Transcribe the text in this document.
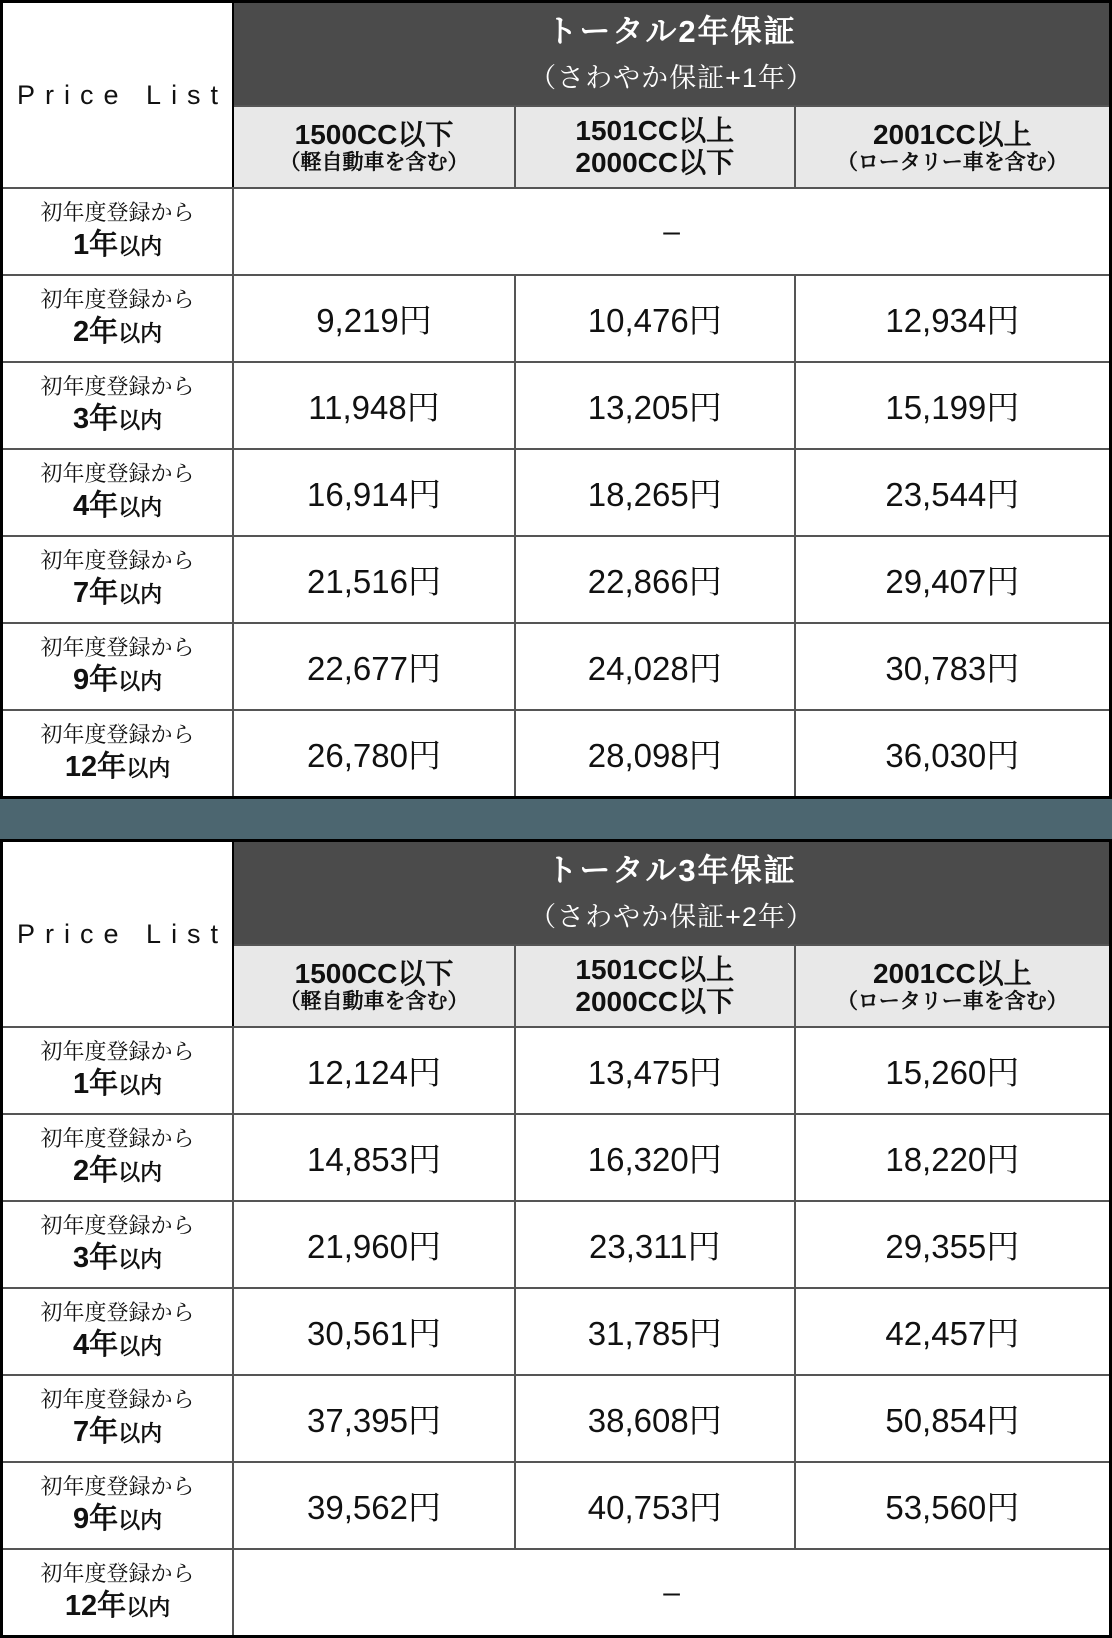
Price List	トータル2年保証
（さわやか保証+1年）		

1500CC以下
（軽自動車を含む）

1501CC以上
2000CC以下

2001CC以上
（ロータリー車を含む）

初年度登録から
1年以内	–		

初年度登録から
2年以内	9,219円	10,476円	12,934円

初年度登録から
3年以内	11,948円	13,205円	15,199円

初年度登録から
4年以内	16,914円	18,265円	23,544円

初年度登録から
7年以内	21,516円	22,866円	29,407円

初年度登録から
9年以内	22,677円	24,028円	30,783円

初年度登録から
12年以内	26,780円	28,098円	36,030円
Price List	トータル3年保証
（さわやか保証+2年）		

1500CC以下
（軽自動車を含む）

1501CC以上
2000CC以下

2001CC以上
（ロータリー車を含む）

初年度登録から
1年以内	12,124円	13,475円	15,260円

初年度登録から
2年以内	14,853円	16,320円	18,220円

初年度登録から
3年以内	21,960円	23,311円	29,355円

初年度登録から
4年以内	30,561円	31,785円	42,457円

初年度登録から
7年以内	37,395円	38,608円	50,854円

初年度登録から
9年以内	39,562円	40,753円	53,560円

初年度登録から
12年以内	–		
